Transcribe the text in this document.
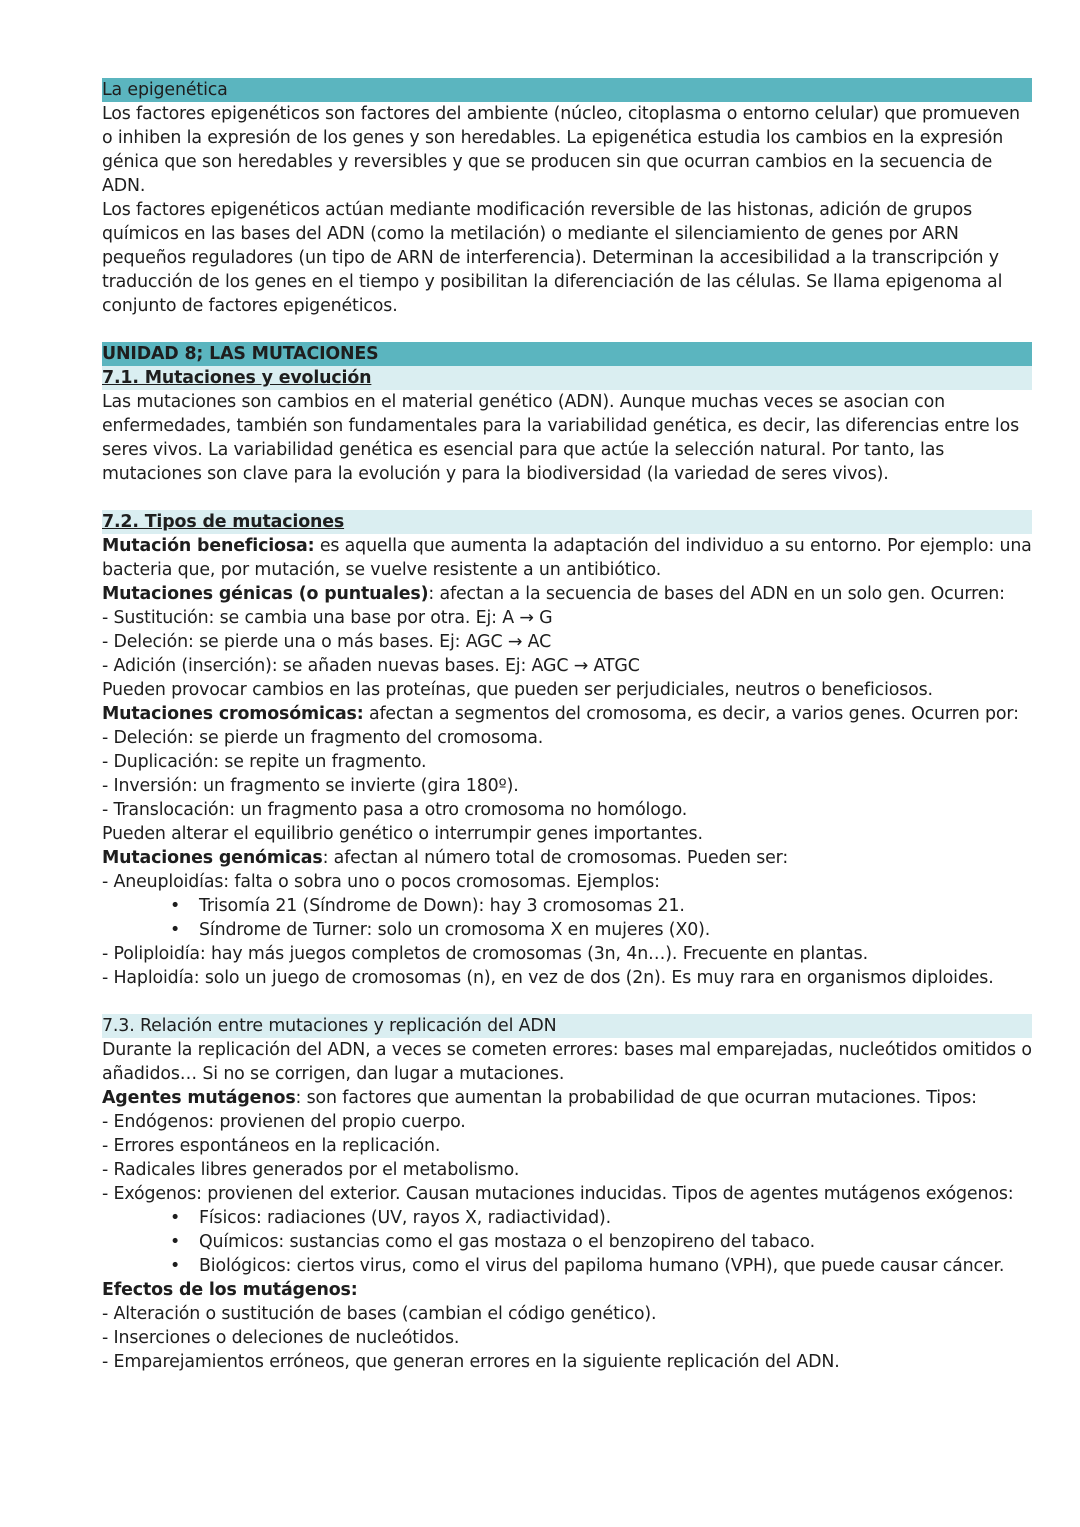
La epigenética

Los factores epigenéticos son factores del ambiente (núcleo, citoplasma o entorno celular) que promueven o inhiben la expresión de los genes y son heredables. La epigenética estudia los cambios en la expresión génica que son heredables y reversibles y que se producen sin que ocurran cambios en la secuencia de ADN.

Los factores epigenéticos actúan mediante modificación reversible de las histonas, adición de grupos químicos en las bases del ADN (como la metilación) o mediante el silenciamiento de genes por ARN pequeños reguladores (un tipo de ARN de interferencia). Determinan la accesibilidad a la transcripción y traducción de los genes en el tiempo y posibilitan la diferenciación de las células. Se llama epigenoma al conjunto de factores epigenéticos.

UNIDAD 8; LAS MUTACIONES
7.1. Mutaciones y evolución

Las mutaciones son cambios en el material genético (ADN). Aunque muchas veces se asocian con enfermedades, también son fundamentales para la variabilidad genética, es decir, las diferencias entre los seres vivos. La variabilidad genética es esencial para que actúe la selección natural. Por tanto, las mutaciones son clave para la evolución y para la biodiversidad (la variedad de seres vivos).

7.2. Tipos de mutaciones

Mutación beneficiosa: es aquella que aumenta la adaptación del individuo a su entorno. Por ejemplo: una bacteria que, por mutación, se vuelve resistente a un antibiótico.

Mutaciones génicas (o puntuales): afectan a la secuencia de bases del ADN en un solo gen. Ocurren:

- Sustitución: se cambia una base por otra. Ej: A → G

- Deleción: se pierde una o más bases. Ej: AGC → AC

- Adición (inserción): se añaden nuevas bases. Ej: AGC → ATGC

Pueden provocar cambios en las proteínas, que pueden ser perjudiciales, neutros o beneficiosos.

Mutaciones cromosómicas: afectan a segmentos del cromosoma, es decir, a varios genes. Ocurren por:

- Deleción: se pierde un fragmento del cromosoma.

- Duplicación: se repite un fragmento.

- Inversión: un fragmento se invierte (gira 180º).

- Translocación: un fragmento pasa a otro cromosoma no homólogo.

Pueden alterar el equilibrio genético o interrumpir genes importantes.

Mutaciones genómicas: afectan al número total de cromosomas. Pueden ser:

- Aneuploidías: falta o sobra uno o pocos cromosomas. Ejemplos:

• Trisomía 21 (Síndrome de Down): hay 3 cromosomas 21.
• Síndrome de Turner: solo un cromosoma X en mujeres (X0).

- Poliploidía: hay más juegos completos de cromosomas (3n, 4n…). Frecuente en plantas.

- Haploidía: solo un juego de cromosomas (n), en vez de dos (2n). Es muy rara en organismos diploides.

7.3. Relación entre mutaciones y replicación del ADN

Durante la replicación del ADN, a veces se cometen errores: bases mal emparejadas, nucleótidos omitidos o añadidos… Si no se corrigen, dan lugar a mutaciones.

Agentes mutágenos: son factores que aumentan la probabilidad de que ocurran mutaciones. Tipos:

- Endógenos: provienen del propio cuerpo.

- Errores espontáneos en la replicación.

- Radicales libres generados por el metabolismo.

- Exógenos: provienen del exterior. Causan mutaciones inducidas. Tipos de agentes mutágenos exógenos:

• Físicos: radiaciones (UV, rayos X, radiactividad).
• Químicos: sustancias como el gas mostaza o el benzopireno del tabaco.
• Biológicos: ciertos virus, como el virus del papiloma humano (VPH), que puede causar cáncer.

Efectos de los mutágenos:

- Alteración o sustitución de bases (cambian el código genético).

- Inserciones o deleciones de nucleótidos.

- Emparejamientos erróneos, que generan errores en la siguiente replicación del ADN.
